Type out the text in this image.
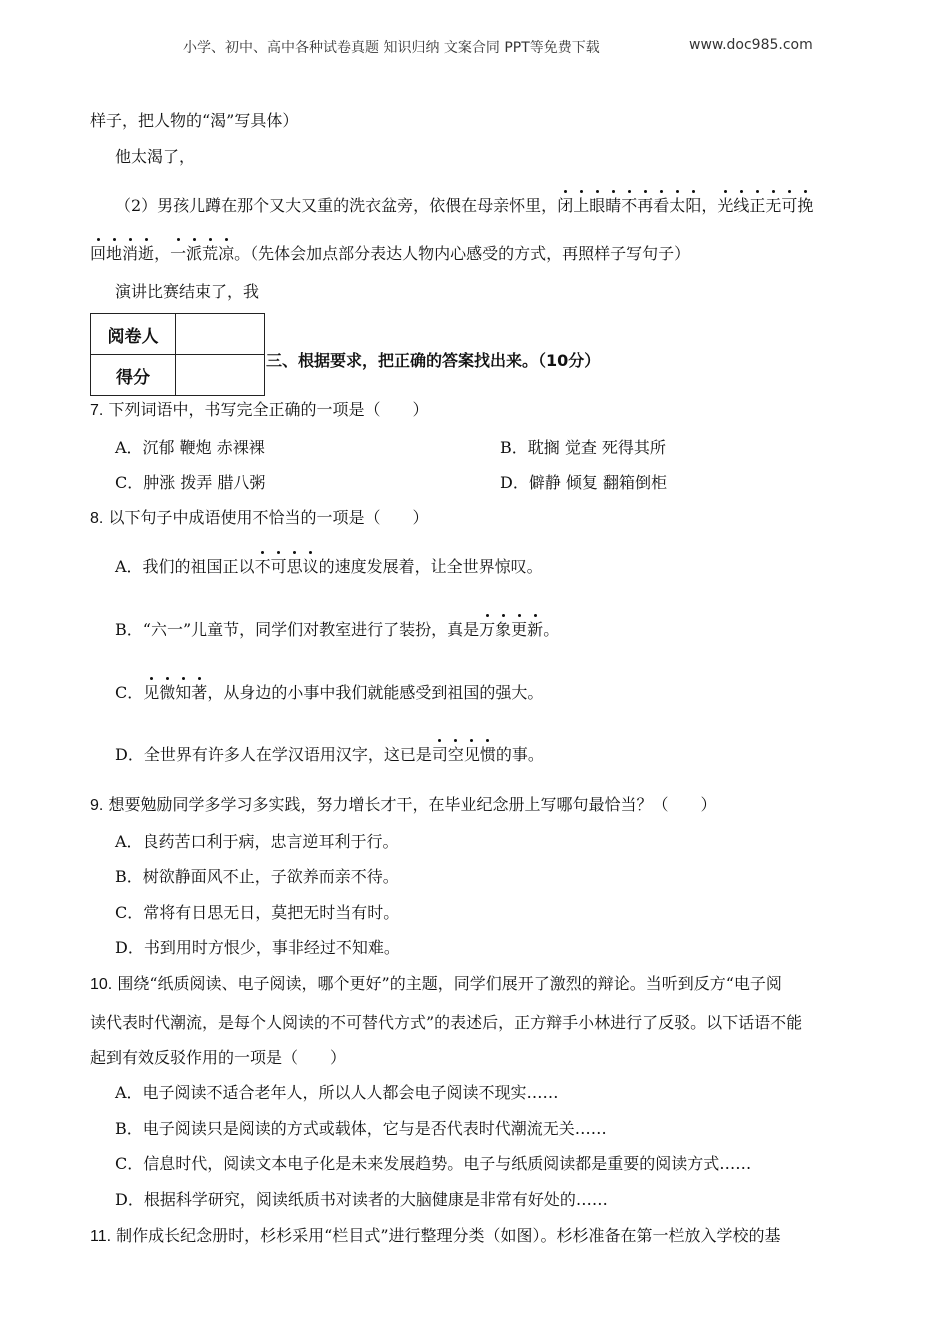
小学、初中、高中各种试卷真题 知识归纳 文案合同 PPT等免费下载	www.doc985.com
样子，把人物的“渴”写具体）
他太渴了，
（2）男孩儿蹲在那个又大又重的洗衣盆旁，依偎在母亲怀里，闭上眼睛不再看太阳，光线正无可挽
回地消逝，一派荒凉。（先体会加点部分表达人物内心感受的方式，再照样子写句子）
演讲比赛结束了，我
阅卷人	
得分	
三、根据要求，把正确的答案找出来。（10分）
7. 下列词语中，书写完全正确的一项是（　　）
A．沉郁 鞭炮 赤裸裸	B．耽搁 觉查 死得其所
C．肿涨 拨弄 腊八粥	D．僻静 倾复 翻箱倒柜
8. 以下句子中成语使用不恰当的一项是（　　）
A．我们的祖国正以不可思议的速度发展着，让全世界惊叹。
B．“六一”儿童节，同学们对教室进行了装扮，真是万象更新。
C．见微知著，从身边的小事中我们就能感受到祖国的强大。
D．全世界有许多人在学汉语用汉字，这已是司空见惯的事。
9. 想要勉励同学多学习多实践，努力增长才干，在毕业纪念册上写哪句最恰当？（　　）
A．良药苦口利于病，忠言逆耳利于行。
B．树欲静面风不止，子欲养而亲不待。
C．常将有日思无日，莫把无时当有时。
D．书到用时方恨少，事非经过不知难。
10. 围绕“纸质阅读、电子阅读，哪个更好”的主题，同学们展开了激烈的辩论。当听到反方“电子阅
读代表时代潮流，是每个人阅读的不可替代方式”的表述后，正方辩手小林进行了反驳。以下话语不能
起到有效反驳作用的一项是（　　）
A．电子阅读不适合老年人，所以人人都会电子阅读不现实……
B．电子阅读只是阅读的方式或载体，它与是否代表时代潮流无关……
C．信息时代，阅读文本电子化是未来发展趋势。电子与纸质阅读都是重要的阅读方式……
D．根据科学研究，阅读纸质书对读者的大脑健康是非常有好处的……
11. 制作成长纪念册时，杉杉采用“栏目式”进行整理分类（如图）。杉杉准备在第一栏放入学校的基
